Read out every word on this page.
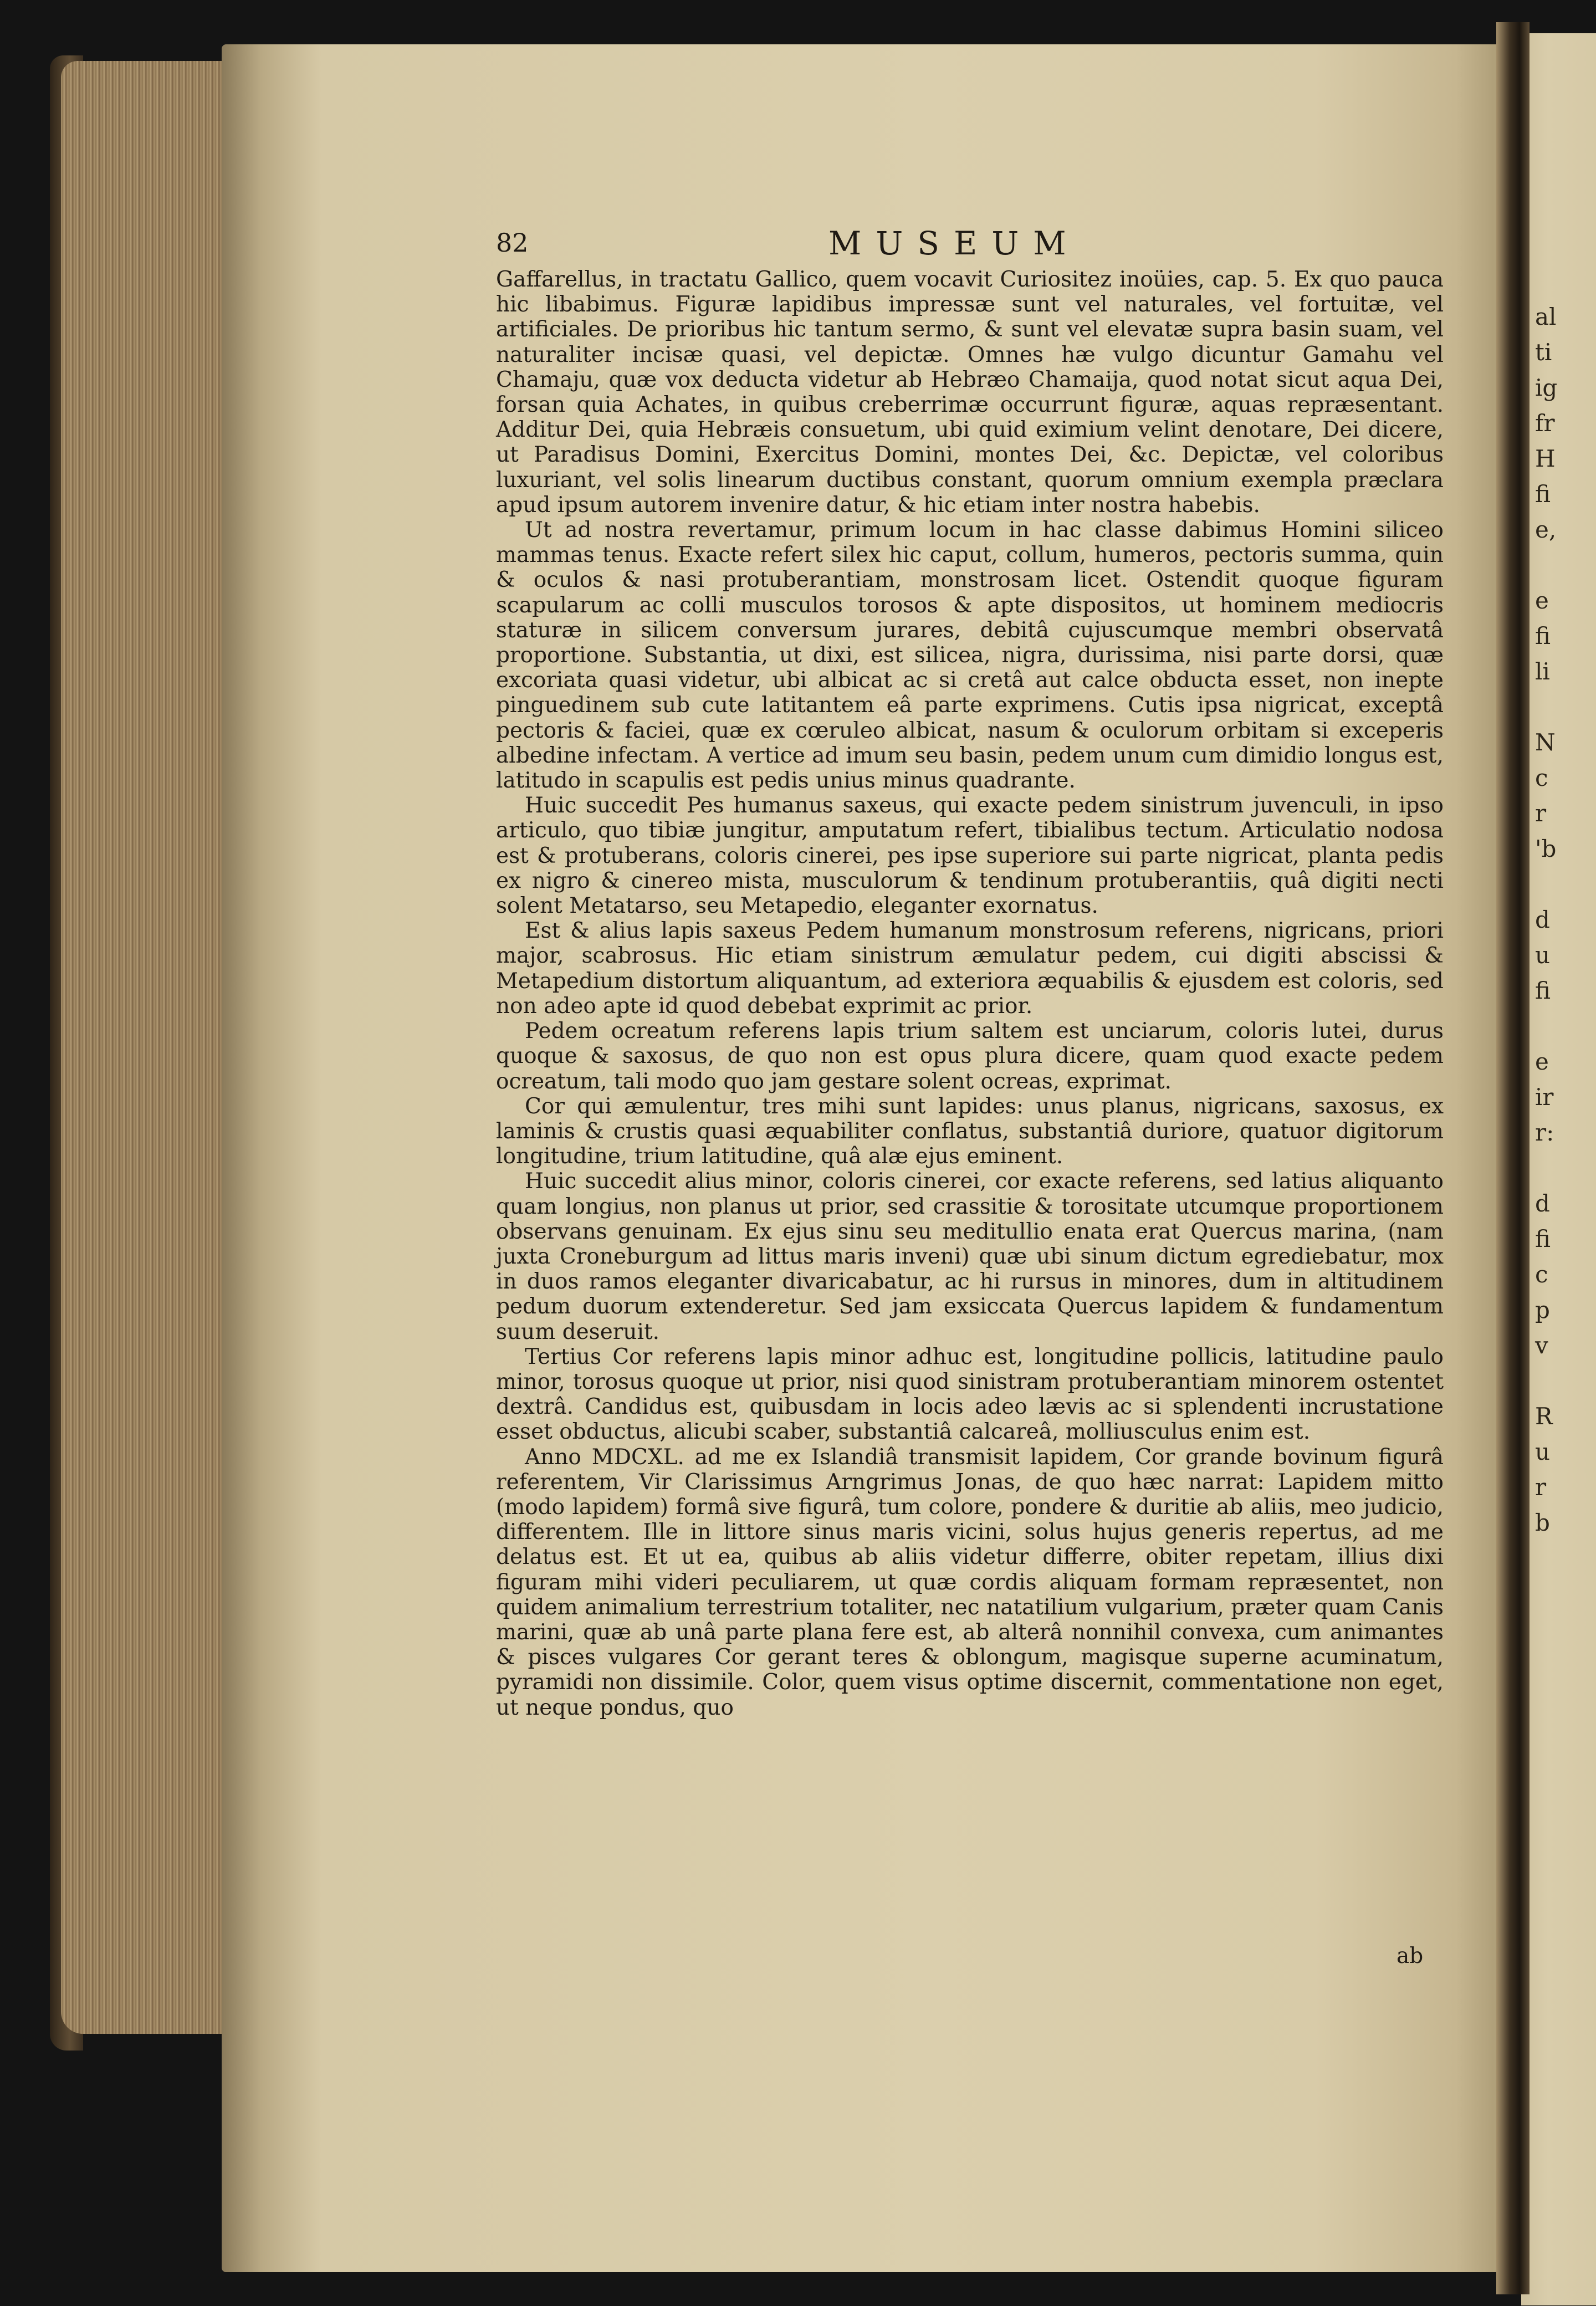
al
ti
ig
fr
H
fi
e,
e
fi
li
N
c
r
'b
d
u
fi
e
ir
r:
d
fi
c
p
v
R
u
r
b
82	MUSEUM

Gaffarellus, in tractatu Gallico, quem vocavit Curiositez inoüies, cap. 5. Ex quo pauca hic libabimus. Figuræ lapidibus impressæ sunt vel naturales, vel fortuitæ, vel artificiales. De prioribus hic tantum sermo, & sunt vel elevatæ supra basin suam, vel naturaliter incisæ quasi, vel depictæ. Omnes hæ vulgo dicuntur Gamahu vel Chamaju, quæ vox deducta videtur ab Hebræo Chamaija, quod notat sicut aqua Dei, forsan quia Achates, in quibus creberrimæ occurrunt figuræ, aquas repræsentant. Additur Dei, quia Hebræis consuetum, ubi quid eximium velint denotare, Dei dicere, ut Paradisus Domini, Exercitus Domini, montes Dei, &c. Depictæ, vel coloribus luxuriant, vel solis linearum ductibus constant, quorum omnium exempla præclara apud ipsum autorem invenire datur, & hic etiam inter nostra habebis.

Ut ad nostra revertamur, primum locum in hac classe dabimus Homini siliceo mammas tenus. Exacte refert silex hic caput, collum, humeros, pectoris summa, quin & oculos & nasi protuberantiam, monstrosam licet. Ostendit quoque figuram scapularum ac colli musculos torosos & apte dispositos, ut hominem mediocris staturæ in silicem conversum jurares, debitâ cujuscumque membri observatâ proportione. Substantia, ut dixi, est silicea, nigra, durissima, nisi parte dorsi, quæ excoriata quasi videtur, ubi albicat ac si cretâ aut calce obducta esset, non inepte pinguedinem sub cute latitantem eâ parte exprimens. Cutis ipsa nigricat, exceptâ pectoris & faciei, quæ ex cœruleo albicat, nasum & oculorum orbitam si exceperis albedine infectam. A vertice ad imum seu basin, pedem unum cum dimidio longus est, latitudo in scapulis est pedis unius minus quadrante.

Huic succedit Pes humanus saxeus, qui exacte pedem sinistrum juvenculi, in ipso articulo, quo tibiæ jungitur, amputatum refert, tibialibus tectum. Articulatio nodosa est & protuberans, coloris cinerei, pes ipse superiore sui parte nigricat, planta pedis ex nigro & cinereo mista, musculorum & tendinum protuberantiis, quâ digiti necti solent Metatarso, seu Metapedio, eleganter exornatus.

Est & alius lapis saxeus Pedem humanum monstrosum referens, nigricans, priori major, scabrosus. Hic etiam sinistrum æmulatur pedem, cui digiti abscissi & Metapedium distortum aliquantum, ad exteriora æquabilis & ejusdem est coloris, sed non adeo apte id quod debebat exprimit ac prior.

Pedem ocreatum referens lapis trium saltem est unciarum, coloris lutei, durus quoque & saxosus, de quo non est opus plura dicere, quam quod exacte pedem ocreatum, tali modo quo jam gestare solent ocreas, exprimat.

Cor qui æmulentur, tres mihi sunt lapides: unus planus, nigricans, saxosus, ex laminis & crustis quasi æquabiliter conflatus, substantiâ duriore, quatuor digitorum longitudine, trium latitudine, quâ alæ ejus eminent.

Huic succedit alius minor, coloris cinerei, cor exacte referens, sed latius aliquanto quam longius, non planus ut prior, sed crassitie & torositate utcumque proportionem observans genuinam. Ex ejus sinu seu meditullio enata erat Quercus marina, (nam juxta Croneburgum ad littus maris inveni) quæ ubi sinum dictum egrediebatur, mox in duos ramos eleganter divaricabatur, ac hi rursus in minores, dum in altitudinem pedum duorum extenderetur. Sed jam exsiccata Quercus lapidem & fundamentum suum deseruit.

Tertius Cor referens lapis minor adhuc est, longitudine pollicis, latitudine paulo minor, torosus quoque ut prior, nisi quod sinistram protuberantiam minorem ostentet dextrâ. Candidus est, quibusdam in locis adeo lævis ac si splendenti incrustatione esset obductus, alicubi scaber, substantiâ calcareâ, molliusculus enim est.

Anno MDCXL. ad me ex Islandiâ transmisit lapidem, Cor grande bovinum figurâ referentem, Vir Clarissimus Arngrimus Jonas, de quo hæc narrat: Lapidem mitto (modo lapidem) formâ sive figurâ, tum colore, pondere & duritie ab aliis, meo judicio, differentem. Ille in littore sinus maris vicini, solus hujus generis repertus, ad me delatus est. Et ut ea, quibus ab aliis videtur differre, obiter repetam, illius dixi figuram mihi videri peculiarem, ut quæ cordis aliquam formam repræsentet, non quidem animalium terrestrium totaliter, nec natatilium vulgarium, præter quam Canis marini, quæ ab unâ parte plana fere est, ab alterâ nonnihil convexa, cum animantes & pisces vulgares Cor gerant teres & oblongum, magisque superne acuminatum, pyramidi non dissimile. Color, quem visus optime discernit, commentatione non eget, ut neque pondus, quo

ab
